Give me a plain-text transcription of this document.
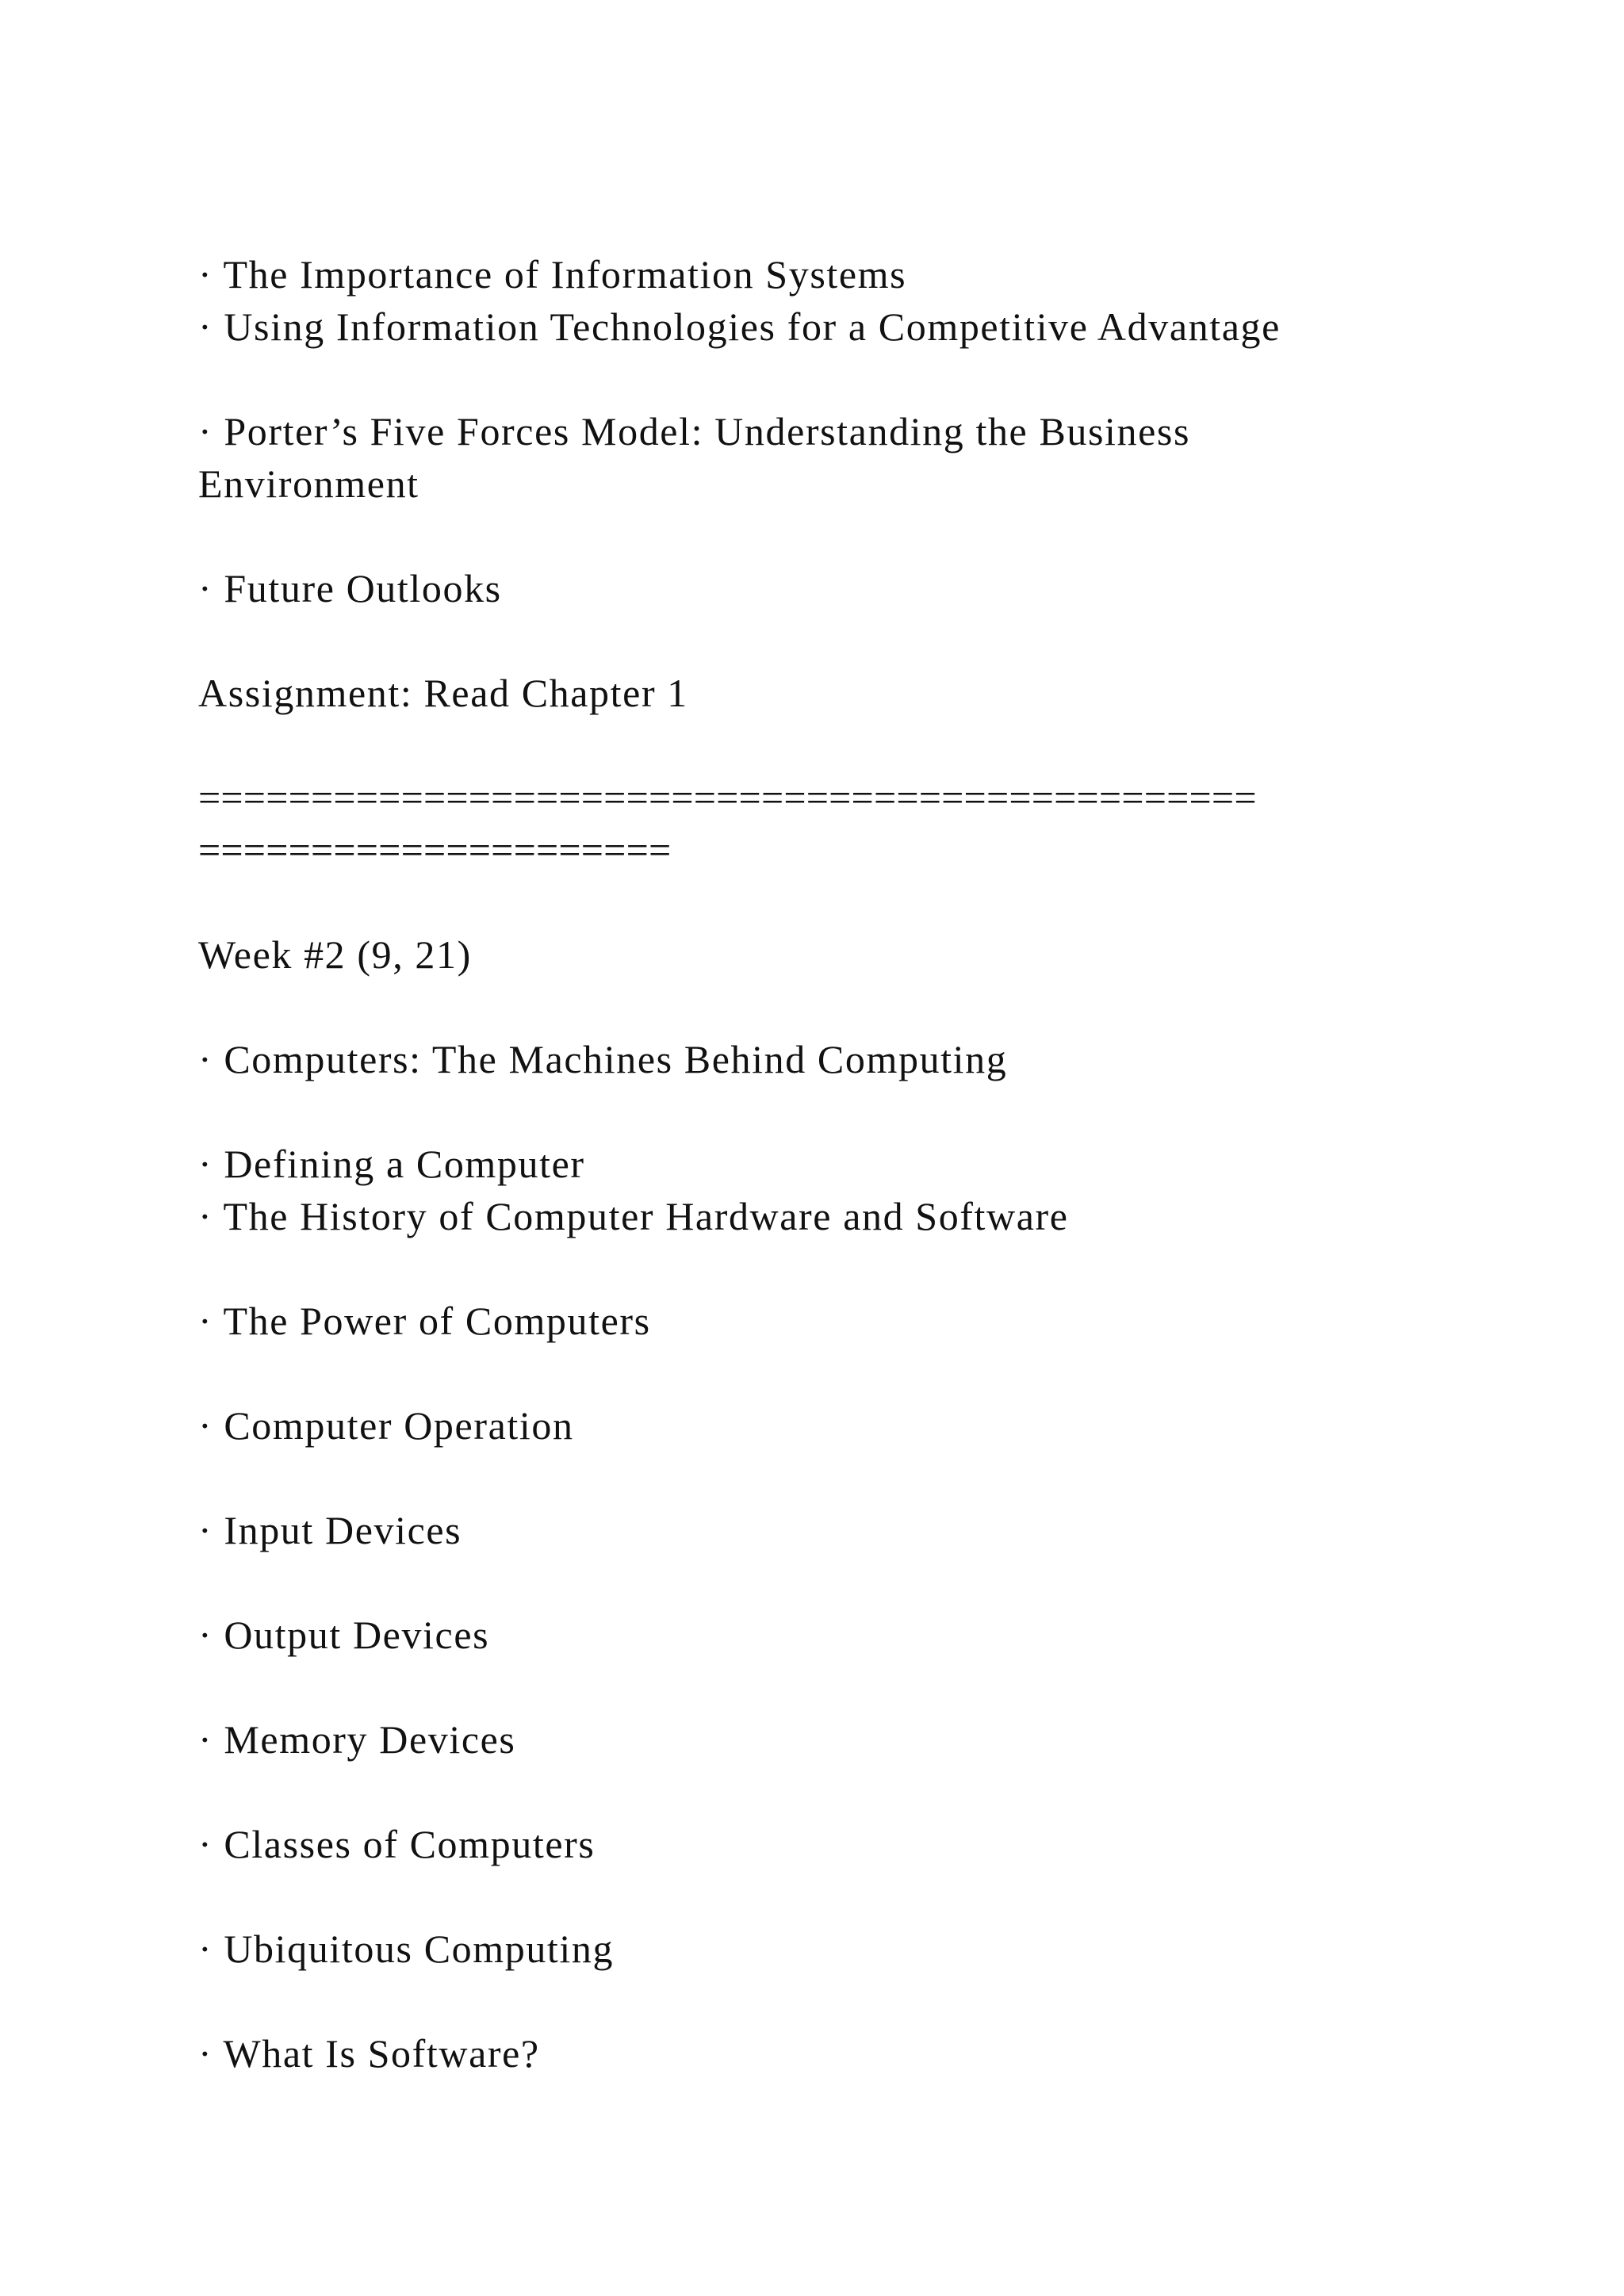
· The Importance of Information Systems

· Using Information Technologies for a Competitive Advantage

· Porter’s Five Forces Model: Understanding the Business

Environment

· Future Outlooks

Assignment: Read Chapter 1

===============================================

=====================

Week #2 (9, 21)

· Computers: The Machines Behind Computing

· Defining a Computer

· The History of Computer Hardware and Software

· The Power of Computers

· Computer Operation

· Input Devices

· Output Devices

· Memory Devices

· Classes of Computers

· Ubiquitous Computing

· What Is Software?
